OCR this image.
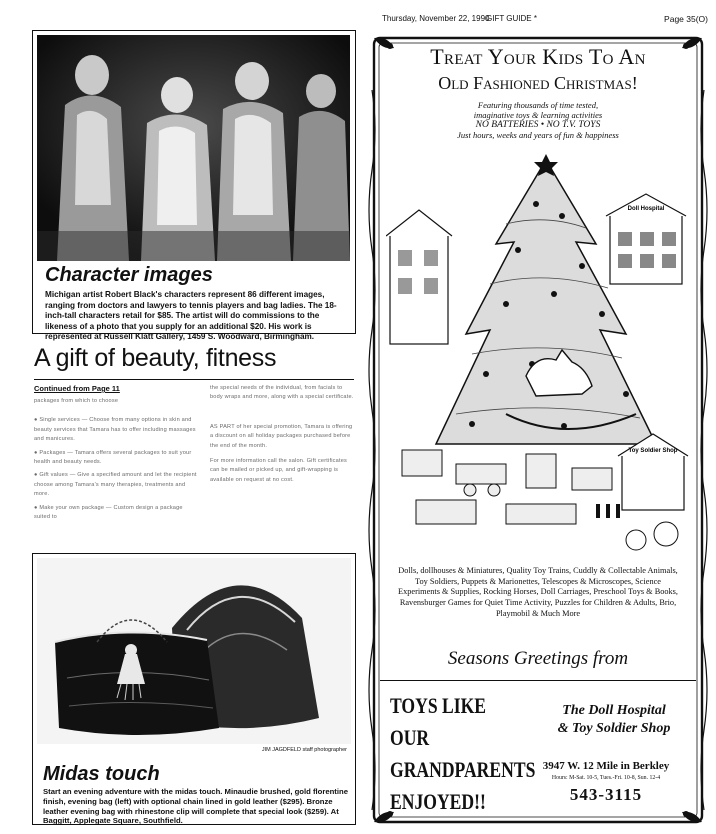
Thursday, November 22, 1990
GIFT GUIDE *	Page 35(O)
Character images
Michigan artist Robert Black's characters represent 86 different images, ranging from doctors and lawyers to tennis players and bag ladies. The 18-inch-tall characters retail for $85. The artist will do commissions to the likeness of a photo that you supply for an additional $20. His work is represented at Russell Klatt Gallery, 1459 S. Woodward, Birmingham.
A gift of beauty, fitness
Continued from Page 11
packages from which to choose
● Single services — Choose from many options in skin and beauty services that Tamara has to offer including massages and manicures.
● Packages — Tamara offers several packages to suit your health and beauty needs.
● Gift values — Give a specified amount and let the recipient choose among Tamara's many therapies, treatments and more.
● Make your own package — Custom design a package suited to
the special needs of the individual, from facials to body wraps and more, along with a special certificate.
AS PART of her special promotion, Tamara is offering a discount on all holiday packages purchased before the end of the month.
For more information call the salon. Gift certificates can be mailed or picked up, and gift-wrapping is available on request at no cost.
JIM JAGDFELD staff photographer
Midas touch
Start an evening adventure with the midas touch. Minaudie brushed, gold florentine finish, evening bag (left) with optional chain lined in gold leather ($295). Bronze leather evening bag with rhinestone clip will complete that special look ($259). At Baggitt, Applegate Square, Southfield.
Treat Your Kids To An
Old Fashioned Christmas!
Featuring thousands of time tested,
imaginative toys & learning activities
NO BATTERIES • NO T.V. TOYS
Just hours, weeks and years of fun & happiness
Toy Soldier Shop
Doll Hospital
Dolls, dollhouses & Miniatures, Quality Toy Trains, Cuddly & Collectable Animals, Toy Soldiers, Puppets & Marionettes, Telescopes & Microscopes, Science Experiments & Supplies, Rocking Horses, Doll Carriages, Preschool Toys & Books, Ravensburger Games for Quiet Time Activity, Puzzles for Children & Adults, Brio, Playmobil & Much More
Seasons Greetings from
TOYS LIKE OUR
GRANDPARENTS
ENJOYED!!
The Doll Hospital
& Toy Soldier Shop
3947 W. 12 Mile in Berkley
Hours: M-Sat. 10-5, Tues.-Fri. 10-8, Sun. 12-4
543-3115
